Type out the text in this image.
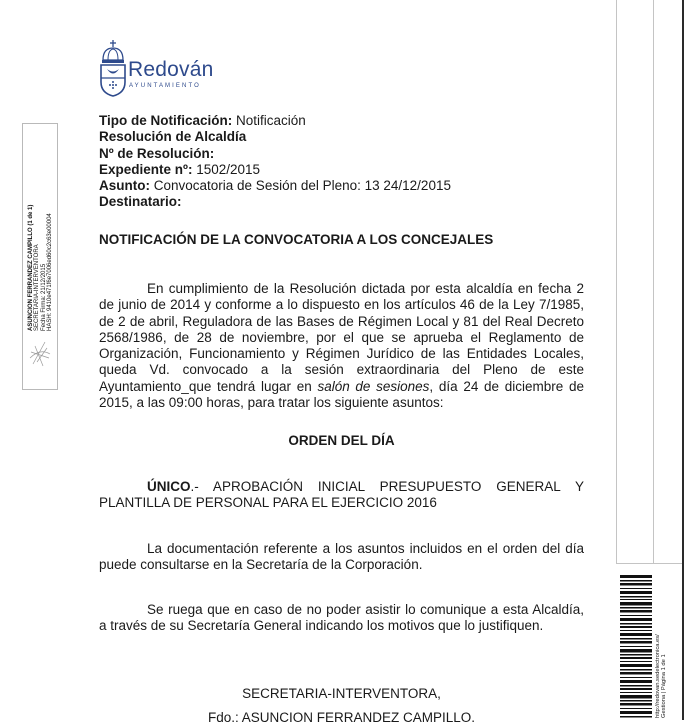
Redován
AYUNTAMIENTO
Tipo de Notificación: Notificación
Resolución de Alcaldía
Nº de Resolución:
Expediente nº: 1502/2015
Asunto: Convocatoria de Sesión del Pleno: 13 24/12/2015
Destinatario:
NOTIFICACIÓN DE LA CONVOCATORIA A LOS CONCEJALES
En cumplimiento de la Resolución dictada por esta alcaldía en fecha 2 de junio de 2014 y conforme a lo dispuesto en los artículos 46 de la Ley 7/1985, de 2 de abril, Reguladora de las Bases de Régimen Local y 81 del Real Decreto 2568/1986, de 28 de noviembre, por el que se aprueba el Reglamento de Organización, Funcionamiento y Régimen Jurídico de las Entidades Locales, queda Vd. convocado a la sesión extraordinaria del Pleno de este Ayuntamiento_que tendrá lugar en salón de sesiones, día 24 de diciembre de 2015, a las 09:00 horas, para tratar los siguiente asuntos:
ORDEN DEL DÍA
ÚNICO.- APROBACIÓN INICIAL PRESUPUESTO GENERAL Y PLANTILLA DE PERSONAL PARA EL EJERCICIO 2016
La documentación referente a los asuntos incluidos en el orden del día puede consultarse en la Secretaría de la Corporación.
Se ruega que en caso de no poder asistir lo comunique a esta Alcaldía, a través de su Secretaría General indicando los motivos que lo justifiquen.
SECRETARIA-INTERVENTORA,
Fdo.: ASUNCION FERRANDEZ CAMPILLO.
ASUNCION FERRANDEZ CAMPILLO (1 de 1) SECRETARIA-INTERVENTORA Fecha Firma: 21/12/2015 HASH: 9410e471f6e7006ed60c2c63e00004
http://redovan.sedelectronica.es/ Gestiona | Página 1 de 1
